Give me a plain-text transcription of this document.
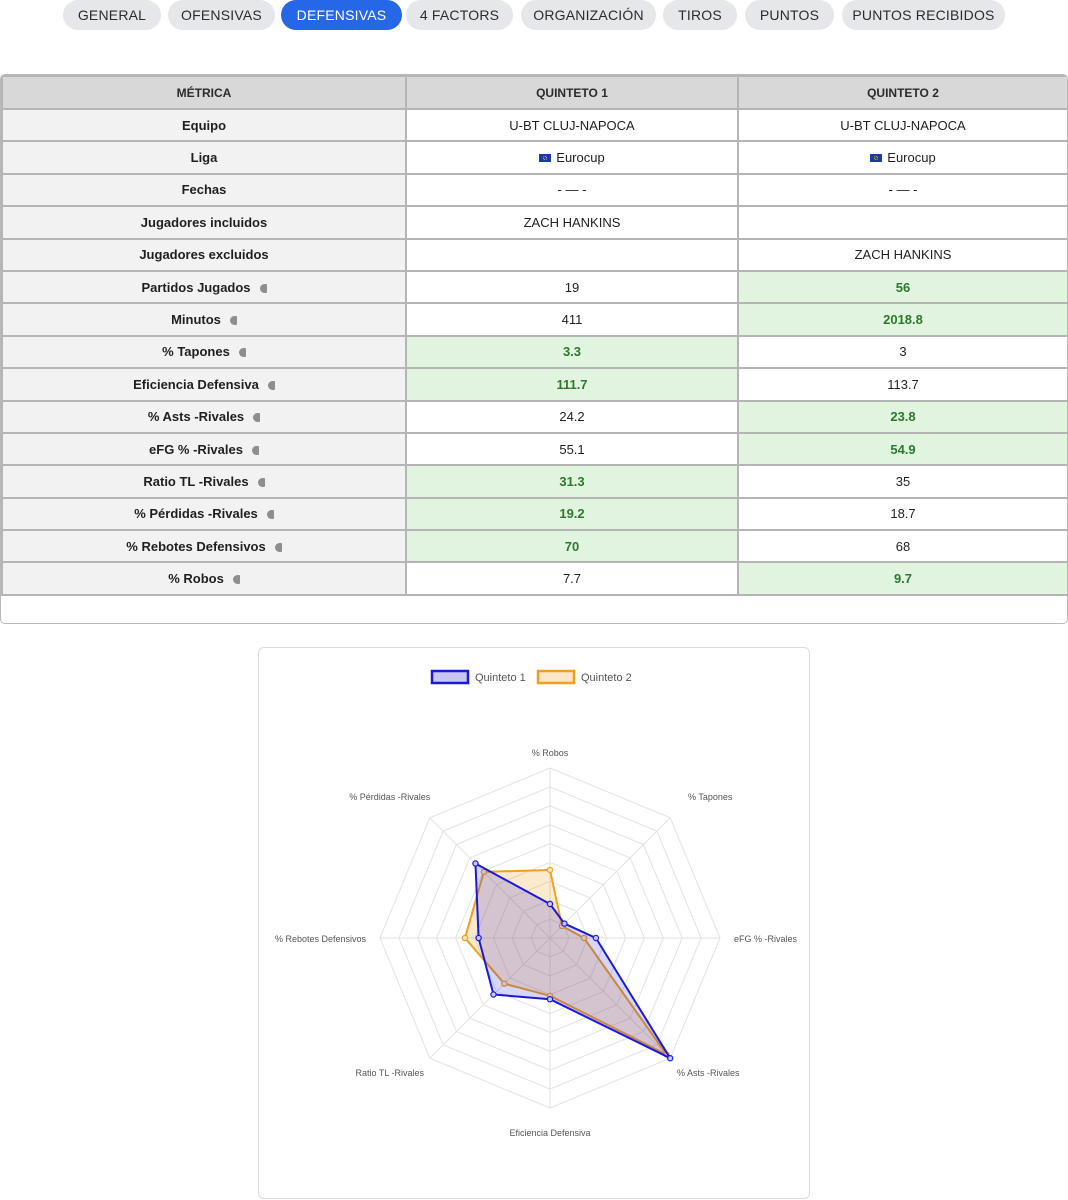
GENERAL	OFENSIVAS	DEFENSIVAS	4 FACTORS	ORGANIZACIÓN	TIROS	PUNTOS	PUNTOS RECIBIDOS
MÉTRICA	QUINTETO 1	QUINTETO 2
Equipo	U-BT CLUJ-NAPOCA	U-BT CLUJ-NAPOCA
Liga	Eurocup	Eurocup
Fechas	- — -	- — -
Jugadores incluidos	ZACH HANKINS	
Jugadores excluidos		ZACH HANKINS
Partidos Jugados	19	56
Minutos	411	2018.8
% Tapones	3.3	3
Eficiencia Defensiva	111.7	113.7
% Asts -Rivales	24.2	23.8
eFG % -Rivales	55.1	54.9
Ratio TL -Rivales	31.3	35
% Pérdidas -Rivales	19.2	18.7
% Rebotes Defensivos	70	68
% Robos	7.7	9.7
% Robos
% Tapones
eFG % -Rivales
% Asts -Rivales
Eficiencia Defensiva
Ratio TL -Rivales
% Rebotes Defensivos
% Pérdidas -Rivales
Quinteto 1	Quinteto 2
